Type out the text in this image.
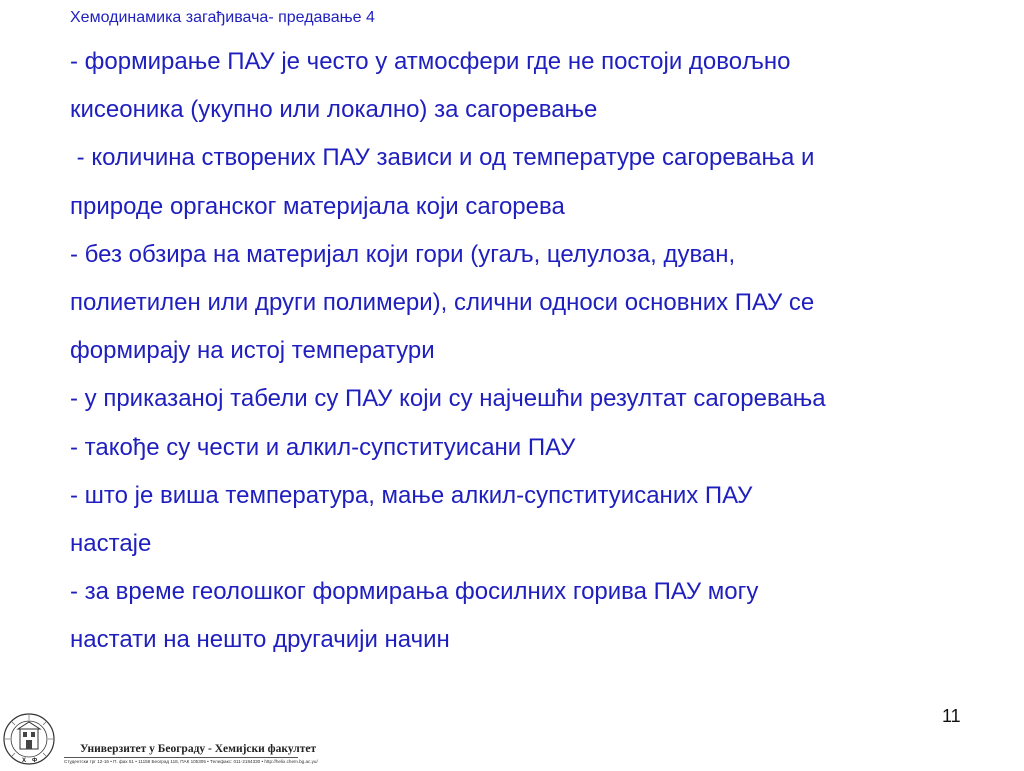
Хемодинамика загађивача- предавање 4
- формирање ПАУ је често у атмосфери где не постоји довољно
кисеоника (укупно или локално) за сагоревање
- количина створених ПАУ зависи и од температуре сагоревања и
природе органског материјала који сагорева
- без обзира на материјал који гори (угаљ, целулоза, дуван,
полиетилен или други полимери), слични односи основних ПАУ се
формирају на истој температури
- у приказаној табели су ПАУ који су најчешћи резултат сагоревања
- такође су чести и алкил-супституисани ПАУ
- што је виша температура, мање алкил-супституисаних ПАУ
настаје
- за време геолошког формирања фосилних горива ПАУ могу
настати на нешто другачији начин
11
Х Ф
Универзитет у Београду - Хемијски факултет
Студентски трг 12-16 • П. фах 51 • 11158 Београд 118, ПАК 105305 • Телефакс: 011-2184330 • http://helix.chem.bg.ac.yu/
